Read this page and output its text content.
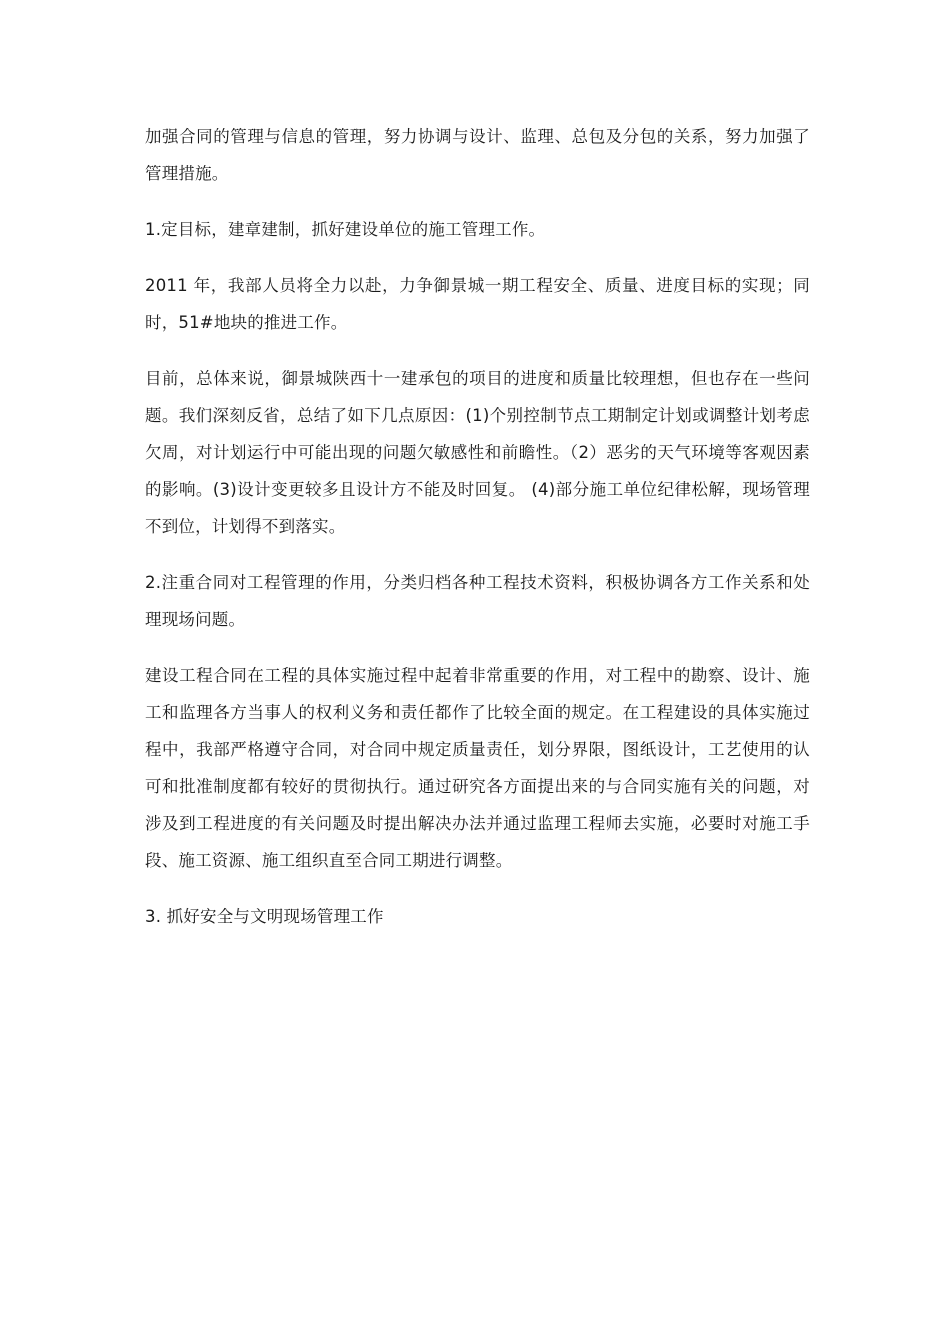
加强合同的管理与信息的管理，努力协调与设计、监理、总包及分包的关系，努力加强了管理措施。

1.定目标，建章建制，抓好建设单位的施工管理工作。

2011 年，我部人员将全力以赴，力争御景城一期工程安全、质量、进度目标的实现；同时，51#地块的推进工作。

目前，总体来说，御景城陕西十一建承包的项目的进度和质量比较理想，但也存在一些问题。我们深刻反省，总结了如下几点原因：(1)个别控制节点工期制定计划或调整计划考虑欠周，对计划运行中可能出现的问题欠敏感性和前瞻性。（2）恶劣的天气环境等客观因素的影响。(3)设计变更较多且设计方不能及时回复。 (4)部分施工单位纪律松解，现场管理不到位，计划得不到落实。

2.注重合同对工程管理的作用，分类归档各种工程技术资料，积极协调各方工作关系和处理现场问题。

建设工程合同在工程的具体实施过程中起着非常重要的作用，对工程中的勘察、设计、施工和监理各方当事人的权利义务和责任都作了比较全面的规定。在工程建设的具体实施过程中，我部严格遵守合同，对合同中规定质量责任，划分界限，图纸设计，工艺使用的认可和批准制度都有较好的贯彻执行。通过研究各方面提出来的与合同实施有关的问题，对涉及到工程进度的有关问题及时提出解决办法并通过监理工程师去实施，必要时对施工手段、施工资源、施工组织直至合同工期进行调整。

3. 抓好安全与文明现场管理工作
